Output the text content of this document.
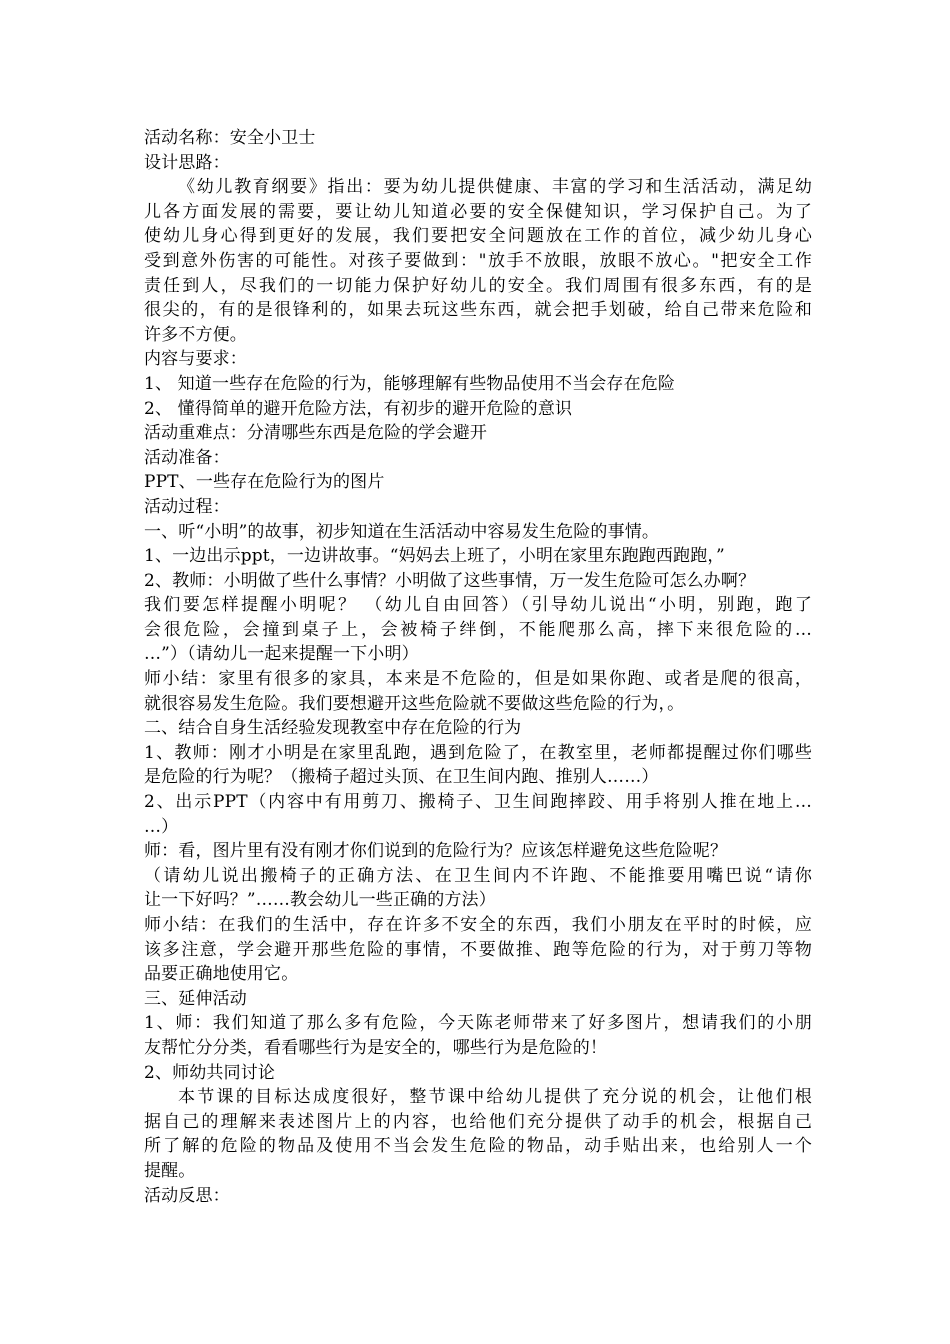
活动名称：安全小卫士
设计思路：
《幼儿教育纲要》指出：要为幼儿提供健康、丰富的学习和生活活动，满足幼
儿各方面发展的需要，要让幼儿知道必要的安全保健知识，学习保护自己。为了
使幼儿身心得到更好的发展，我们要把安全问题放在工作的首位，减少幼儿身心
受到意外伤害的可能性。对孩子要做到："放手不放眼，放眼不放心。"把安全工作
责任到人，尽我们的一切能力保护好幼儿的安全。我们周围有很多东西，有的是
很尖的，有的是很锋利的，如果去玩这些东西，就会把手划破，给自己带来危险和
许多不方便。
内容与要求：
1、 知道一些存在危险的行为，能够理解有些物品使用不当会存在危险
2、 懂得简单的避开危险方法，有初步的避开危险的意识
活动重难点：分清哪些东西是危险的学会避开
活动准备：
PPT、一些存在危险行为的图片
活动过程：
一、听“小明”的故事，初步知道在生活活动中容易发生危险的事情。
1、一边出示ppt，一边讲故事。“妈妈去上班了，小明在家里东跑跑西跑跑，”
2、教师：小明做了些什么事情？小明做了这些事情，万一发生危险可怎么办啊？
我们要怎样提醒小明呢？ （幼儿自由回答）（引导幼儿说出“小明，别跑，跑了
会很危险，会撞到桌子上，会被椅子绊倒，不能爬那么高，摔下来很危险的…
…”）（请幼儿一起来提醒一下小明）
师小结：家里有很多的家具，本来是不危险的，但是如果你跑、或者是爬的很高，
就很容易发生危险。我们要想避开这些危险就不要做这些危险的行为，。
二、结合自身生活经验发现教室中存在危险的行为
1、教师：刚才小明是在家里乱跑，遇到危险了，在教室里，老师都提醒过你们哪些
是危险的行为呢？（搬椅子超过头顶、在卫生间内跑、推别人……）
2、出示PPT（内容中有用剪刀、搬椅子、卫生间跑摔跤、用手将别人推在地上…
…）
师：看，图片里有没有刚才你们说到的危险行为？应该怎样避免这些危险呢？
（请幼儿说出搬椅子的正确方法、在卫生间内不许跑、不能推要用嘴巴说“请你
让一下好吗？”……教会幼儿一些正确的方法）
师小结：在我们的生活中，存在许多不安全的东西，我们小朋友在平时的时候，应
该多注意，学会避开那些危险的事情，不要做推、跑等危险的行为，对于剪刀等物
品要正确地使用它。
三、延伸活动
1、师：我们知道了那么多有危险，今天陈老师带来了好多图片，想请我们的小朋
友帮忙分分类，看看哪些行为是安全的，哪些行为是危险的！
2、师幼共同讨论
本节课的目标达成度很好，整节课中给幼儿提供了充分说的机会，让他们根
据自己的理解来表述图片上的内容，也给他们充分提供了动手的机会，根据自己
所了解的危险的物品及使用不当会发生危险的物品，动手贴出来，也给别人一个
提醒。
活动反思：
